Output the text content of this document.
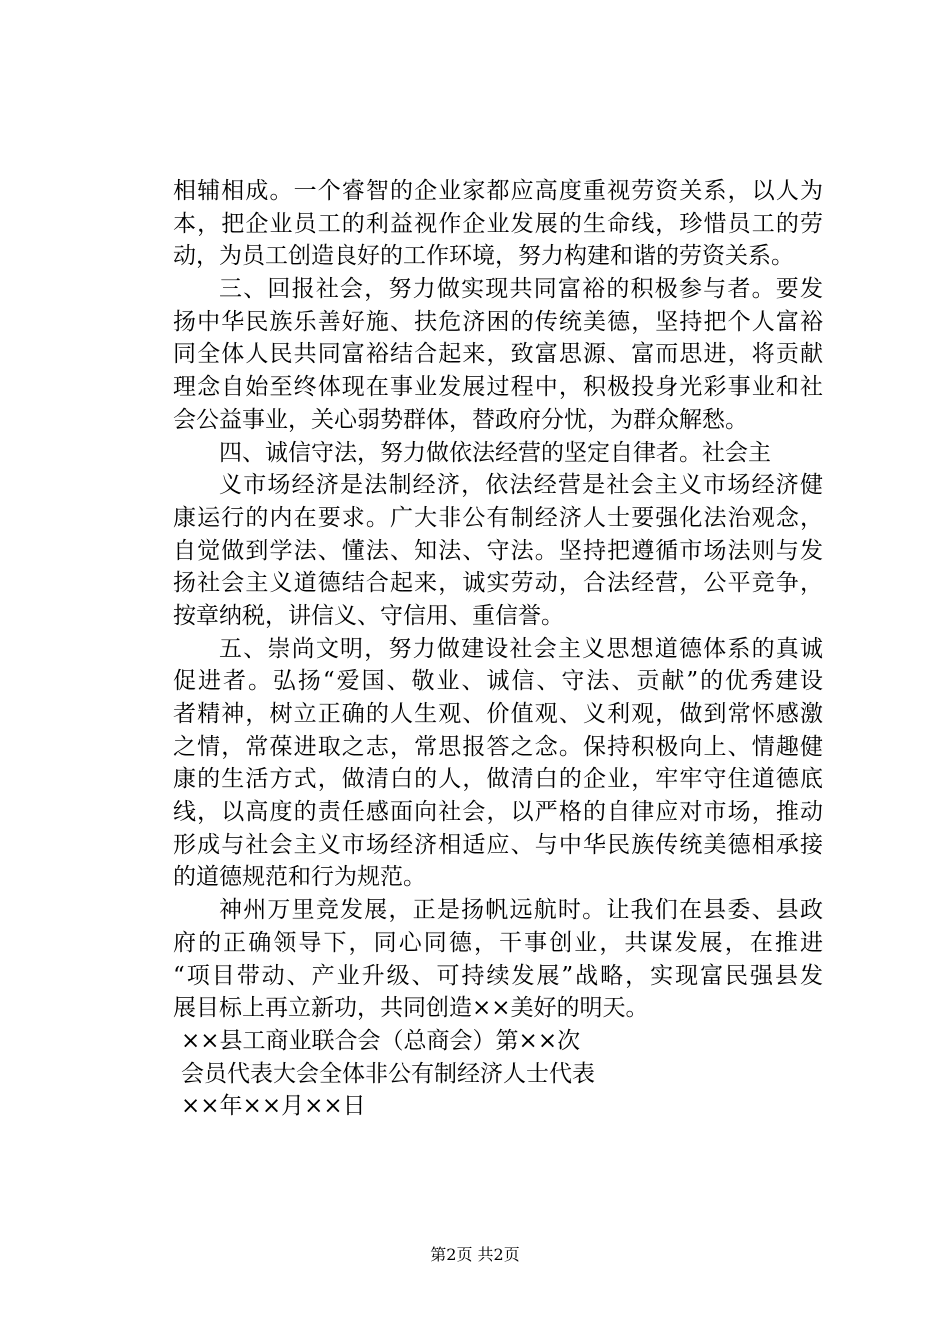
相辅相成。一个睿智的企业家都应高度重视劳资关系，以人为
本，把企业员工的利益视作企业发展的生命线，珍惜员工的劳
动，为员工创造良好的工作环境，努力构建和谐的劳资关系。
三、回报社会，努力做实现共同富裕的积极参与者。要发
扬中华民族乐善好施、扶危济困的传统美德，坚持把个人富裕
同全体人民共同富裕结合起来，致富思源、富而思进，将贡献
理念自始至终体现在事业发展过程中，积极投身光彩事业和社
会公益事业，关心弱势群体，替政府分忧，为群众解愁。
四、诚信守法，努力做依法经营的坚定自律者。社会主
义市场经济是法制经济，依法经营是社会主义市场经济健
康运行的内在要求。广大非公有制经济人士要强化法治观念，
自觉做到学法、懂法、知法、守法。坚持把遵循市场法则与发
扬社会主义道德结合起来，诚实劳动，合法经营，公平竞争，
按章纳税，讲信义、守信用、重信誉。
五、崇尚文明，努力做建设社会主义思想道德体系的真诚
促进者。弘扬“爱国、敬业、诚信、守法、贡献”的优秀建设
者精神，树立正确的人生观、价值观、义利观，做到常怀感激
之情，常葆进取之志，常思报答之念。保持积极向上、情趣健
康的生活方式，做清白的人，做清白的企业，牢牢守住道德底
线，以高度的责任感面向社会，以严格的自律应对市场，推动
形成与社会主义市场经济相适应、与中华民族传统美德相承接
的道德规范和行为规范。
神州万里竞发展，正是扬帆远航时。让我们在县委、县政
府的正确领导下，同心同德，干事创业，共谋发展，在推进
“项目带动、产业升级、可持续发展”战略，实现富民强县发
展目标上再立新功，共同创造××美好的明天。
××县工商业联合会（总商会）第××次
会员代表大会全体非公有制经济人士代表
××年××月××日
第2页 共2页
